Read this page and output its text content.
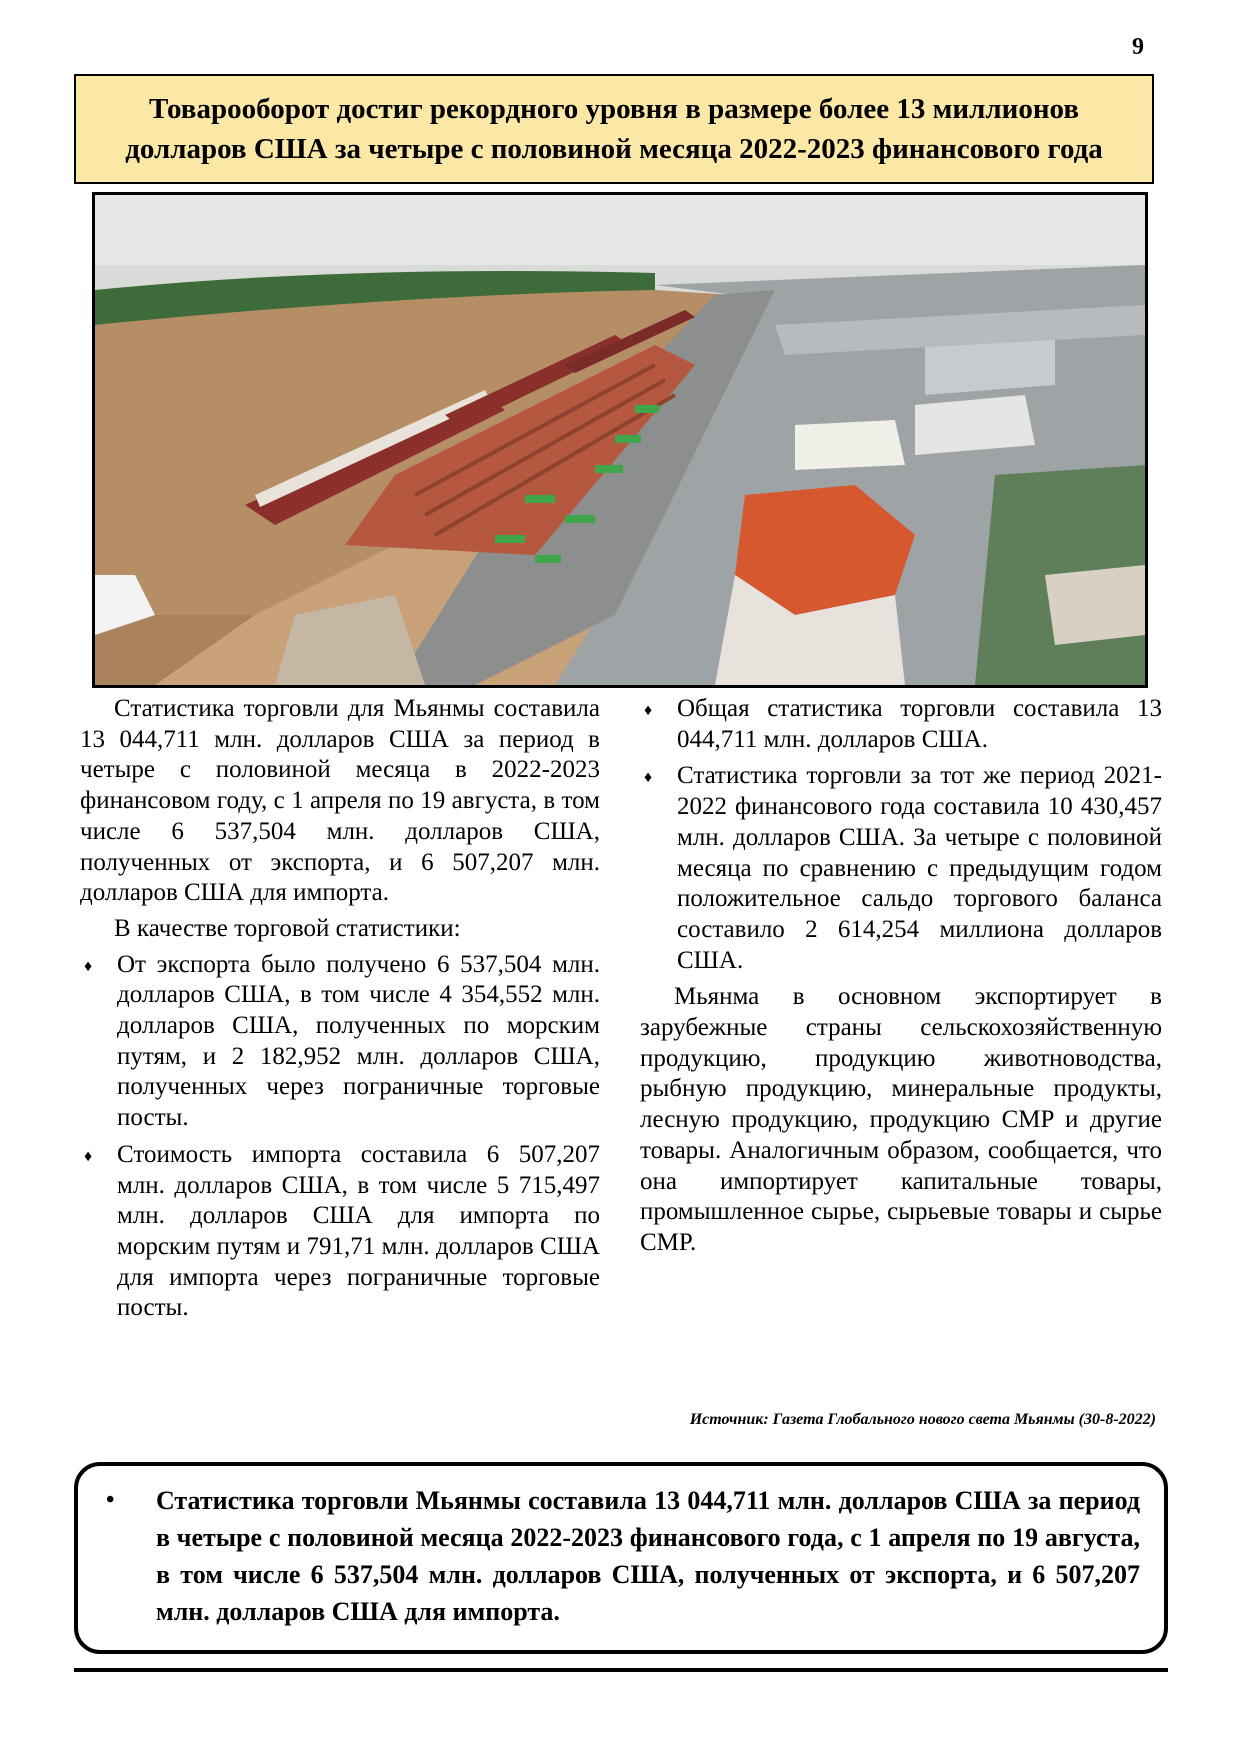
9
Товарооборот достиг рекордного уровня в размере более 13 миллионов долларов США за четыре с половиной месяца 2022-2023 финансового года

Статистика торговли для Мьянмы составила 13 044,711 млн. долларов США за период в четыре с половиной месяца в 2022-2023 финансовом году, с 1 апреля по 19 августа, в том числе 6 537,504 млн. долларов США, полученных от экспорта, и 6 507,207 млн. долларов США для импорта.

В качестве торговой статистики:

♦ От экспорта было получено 6 537,504 млн. долларов США, в том числе 4 354,552 млн. долларов США, полученных по морским путям, и 2 182,952 млн. долларов США, полученных через пограничные торговые посты.
♦ Стоимость импорта составила 6 507,207 млн. долларов США, в том числе 5 715,497 млн. долларов США для импорта по морским путям и 791,71 млн. долларов США для импорта через пограничные торговые посты.
♦ Общая статистика торговли составила 13 044,711 млн. долларов США.
♦ Статистика торговли за тот же период 2021-2022 финансового года составила 10 430,457 млн. долларов США. За четыре с половиной месяца по сравнению с предыдущим годом положительное сальдо торгового баланса составило 2 614,254 миллиона долларов США.

Мьянма в основном экспортирует в зарубежные страны сельскохозяйственную продукцию, продукцию животноводства, рыбную продукцию, минеральные продукты, лесную продукцию, продукцию CMP и другие товары. Аналогичным образом, сообщается, что она импортирует капитальные товары, промышленное сырье, сырьевые товары и сырье CMP.

Источник: Газета Глобального нового света Мьянмы (30-8-2022)
•	Статистика торговли Мьянмы составила 13 044,711 млн. долларов США за период в четыре с половиной месяца 2022-2023 финансового года, с 1 апреля по 19 августа, в том числе 6 537,504 млн. долларов США, полученных от экспорта, и 6 507,207 млн. долларов США для импорта.
